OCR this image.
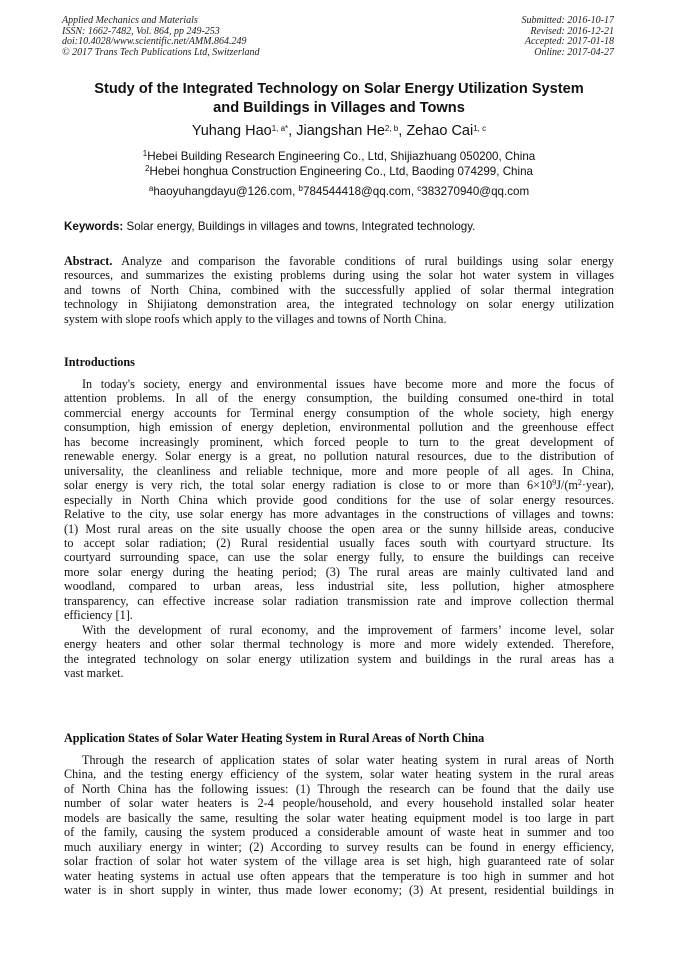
Applied Mechanics and Materials
ISSN: 1662-7482, Vol. 864, pp 249-253
doi:10.4028/www.scientific.net/AMM.864.249
© 2017 Trans Tech Publications Ltd, Switzerland
Submitted: 2016-10-17
Revised: 2016-12-21
Accepted: 2017-01-18
Online: 2017-04-27
Study of the Integrated Technology on Solar Energy Utilization System
and Buildings in Villages and Towns
Yuhang Hao$^{1, a*}$, Jiangshan He$^{2, b}$, Zehao Cai$^{1, c}$
$^1$Hebei Building Research Engineering Co., Ltd, Shijiazhuang 050200, China
$^2$Hebei honghua Construction Engineering Co., Ltd, Baoding 074299, China
$^a$haoyuhangdayu@126.com, $^b$784544418@qq.com, $^c$383270940@qq.com
Keywords: Solar energy, Buildings in villages and towns, Integrated technology.
Abstract. Analyze and comparison the favorable conditions of rural buildings using solar energy
resources, and summarizes the existing problems during using the solar hot water system in villages
and towns of North China, combined with the successfully applied of solar thermal integration
technology in Shijiatong demonstration area, the integrated technology on solar energy utilization
system with slope roofs which apply to the villages and towns of North China.
Introductions
In today's society, energy and environmental issues have become more and more the focus of
attention problems. In all of the energy consumption, the building consumed one-third in total
commercial energy accounts for Terminal energy consumption of the whole society, high energy
consumption, high emission of energy depletion, environmental pollution and the greenhouse effect
has become increasingly prominent, which forced people to turn to the great development of
renewable energy. Solar energy is a great, no pollution natural resources, due to the distribution of
universality, the cleanliness and reliable technique, more and more people of all ages. In China,
solar energy is very rich, the total solar energy radiation is close to or more than $6\times 10^9J/(m^2\cdot year)$,
especially in North China which provide good conditions for the use of solar energy resources.
Relative to the city, use solar energy has more advantages in the constructions of villages and towns:
(1) Most rural areas on the site usually choose the open area or the sunny hillside areas, conducive
to accept solar radiation; (2) Rural residential usually faces south with courtyard structure. Its
courtyard surrounding space, can use the solar energy fully, to ensure the buildings can receive
more solar energy during the heating period; (3) The rural areas are mainly cultivated land and
woodland, compared to urban areas, less industrial site, less pollution, higher atmosphere
transparency, can effective increase solar radiation transmission rate and improve collection thermal
efficiency [1].
With the development of rural economy, and the improvement of farmers’ income level, solar
energy heaters and other solar thermal technology is more and more widely extended. Therefore,
the integrated technology on solar energy utilization system and buildings in the rural areas has a
vast market.
Application States of Solar Water Heating System in Rural Areas of North China
Through the research of application states of solar water heating system in rural areas of North
China, and the testing energy efficiency of the system, solar water heating system in the rural areas
of North China has the following issues: (1) Through the research can be found that the daily use
number of solar water heaters is 2-4 people/household, and every household installed solar heater
models are basically the same, resulting the solar water heating equipment model is too large in part
of the family, causing the system produced a considerable amount of waste heat in summer and too
much auxiliary energy in winter; (2) According to survey results can be found in energy efficiency,
solar fraction of solar hot water system of the village area is set high, high guaranteed rate of solar
water heating systems in actual use often appears that the temperature is too high in summer and hot
water is in short supply in winter, thus made lower economy; (3) At present, residential buildings in
